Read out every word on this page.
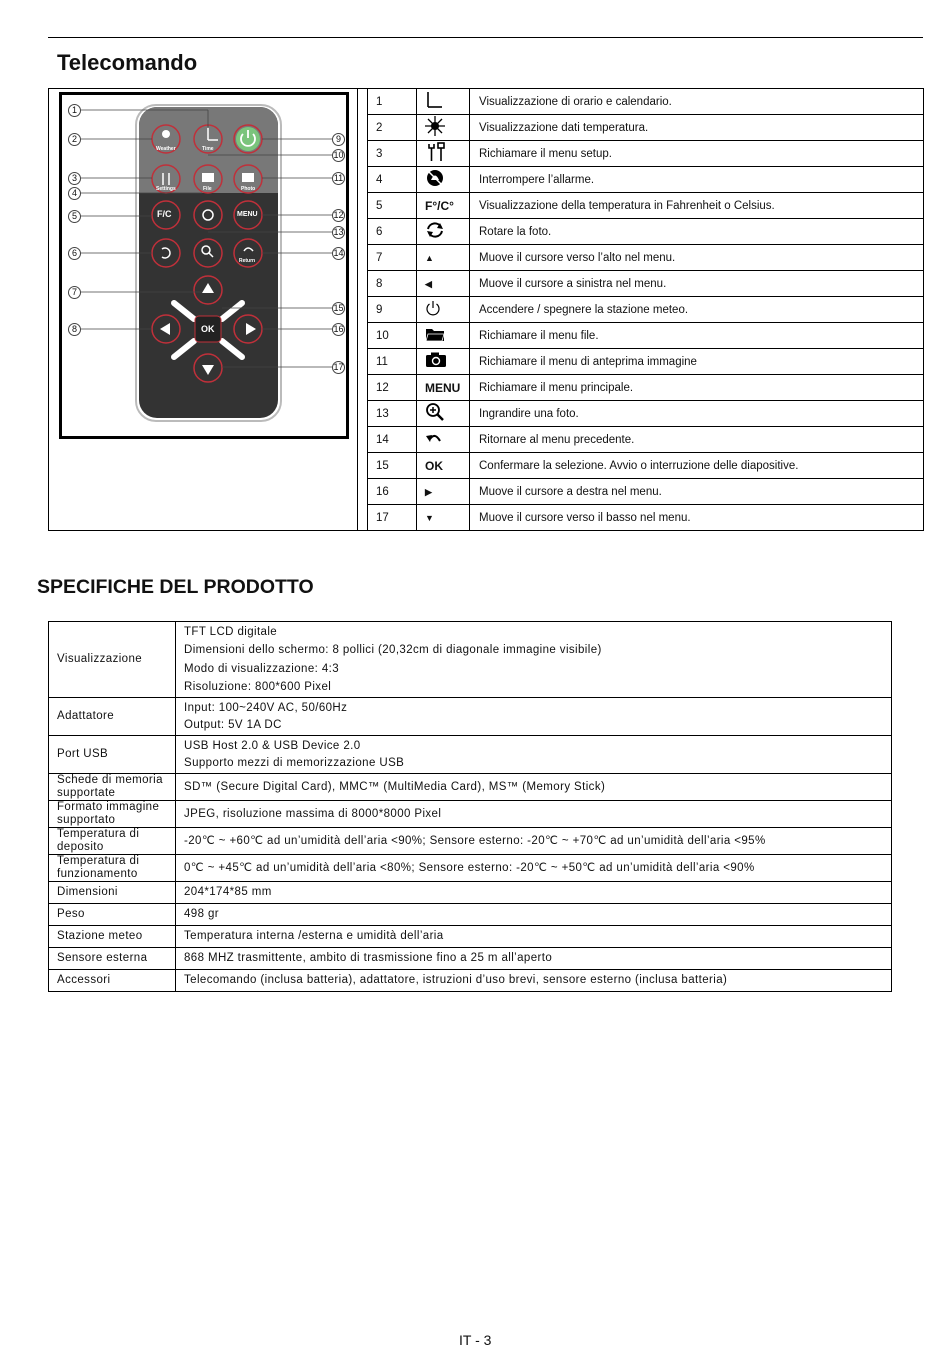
Telecomando
Weather	Time
Settings	File	Photo
F/C	MENU
Return
OK
1
2
3
4
5
6
7
8
9
10
11
12
13
14
15
16
17
1		Visualizzazione di orario e calendario.
2		Visualizzazione dati temperatura.
3		Richiamare il menu setup.
4		Interrompere l’allarme.
5	F°/C°	Visualizzazione della temperatura in Fahrenheit o Celsius.
6		Rotare la foto.
7	▲	Muove il cursore verso l’alto nel menu.
8	◀	Muove il cursore a sinistra nel menu.
9		Accendere / spegnere la stazione meteo.
10		Richiamare il menu file.
11		Richiamare il menu di anteprima immagine
12	MENU	Richiamare il menu principale.
13		Ingrandire una foto.
14		Ritornare al menu precedente.
15	OK	Confermare la selezione. Avvio o interruzione delle diapositive.
16	▶	Muove il cursore a destra nel menu.
17	▼	Muove il cursore verso il basso nel menu.
SPECIFICHE DEL PRODOTTO
Visualizzazione	TFT LCD digitale
Dimensioni dello schermo: 8 pollici (20,32cm di diagonale immagine visibile)
Modo di visualizzazione: 4:3
Risoluzione: 800*600 Pixel

Adattatore	Input: 100~240V AC, 50/60Hz
Output: 5V 1A DC

Port USB	USB Host 2.0 & USB Device 2.0
Supporto mezzi di memorizzazione USB

Schede di memoria supportate	SD™ (Secure Digital Card), MMC™ (MultiMedia Card), MS™ (Memory Stick)

Formato immagine supportato	JPEG, risoluzione massima di 8000*8000 Pixel

Temperatura di deposito	-20℃ ~ +60℃ ad un’umidità dell’aria <90%; Sensore esterno: -20℃ ~ +70℃ ad un’umidità dell’aria <95%

Temperatura di funzionamento	0℃ ~ +45℃ ad un’umidità dell’aria <80%; Sensore esterno: -20℃ ~ +50℃ ad un’umidità dell’aria <90%

Dimensioni	204*174*85 mm

Peso	498 gr

Stazione meteo	Temperatura interna /esterna e umidità dell’aria

Sensore esterna	868 MHZ trasmittente, ambito di trasmissione fino a 25 m all’aperto

Accessori	Telecomando (inclusa batteria), adattatore, istruzioni d’uso brevi, sensore esterno (inclusa batteria)
IT - 3
